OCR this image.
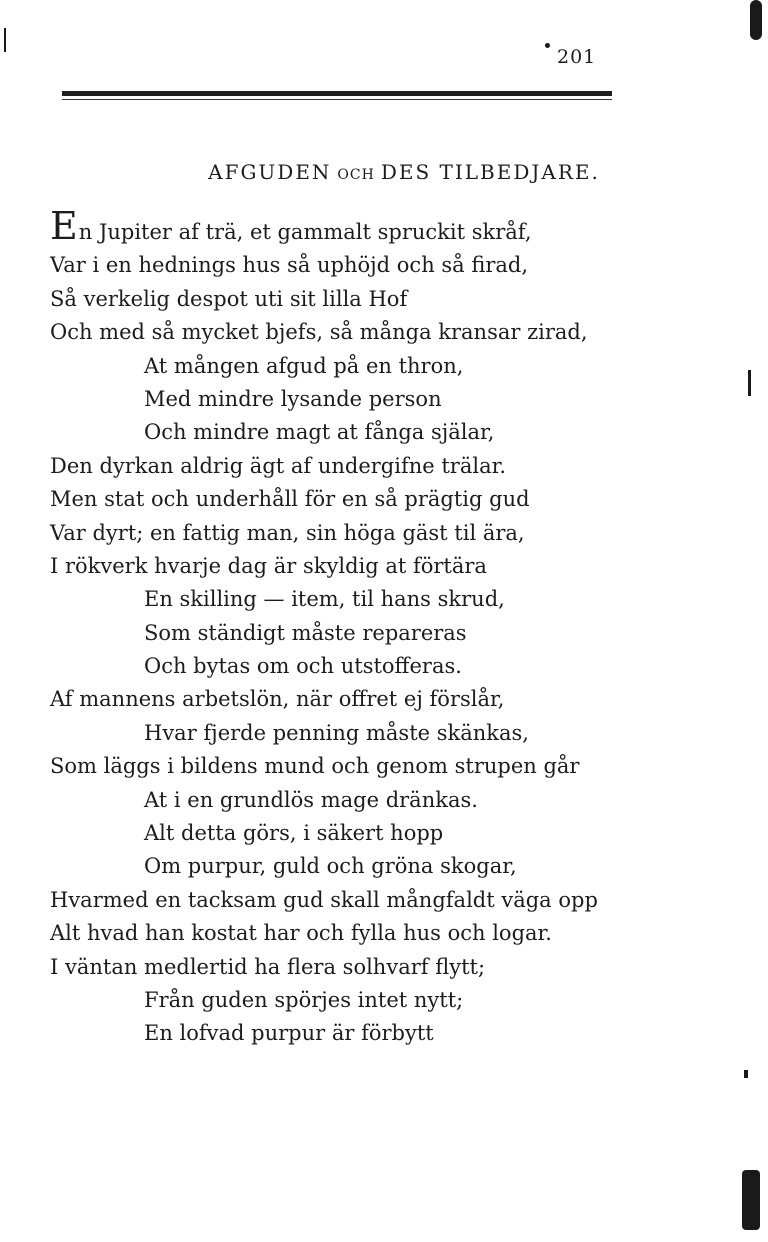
201
AFGUDEN OCH DES TILBEDJARE.
En Jupiter af trä, et gammalt spruckit skråf,
Var i en hednings hus så uphöjd och så firad,
Så verkelig despot uti sit lilla Hof
Och med så mycket bjefs, så många kransar zirad,
At mången afgud på en thron,
Med mindre lysande person
Och mindre magt at fånga själar,
Den dyrkan aldrig ägt af undergifne trälar.
Men stat och underhåll för en så prägtig gud
Var dyrt; en fattig man, sin höga gäst til ära,
I rökverk hvarje dag är skyldig at förtära
En skilling — item, til hans skrud,
Som ständigt måste repareras
Och bytas om och utstofferas.
Af mannens arbetslön, när offret ej förslår,
Hvar fjerde penning måste skänkas,
Som läggs i bildens mund och genom strupen går
At i en grundlös mage dränkas.
Alt detta görs, i säkert hopp
Om purpur, guld och gröna skogar,
Hvarmed en tacksam gud skall mångfaldt väga opp
Alt hvad han kostat har och fylla hus och logar.
I väntan medlertid ha flera solhvarf flytt;
Från guden spörjes intet nytt;
En lofvad purpur är förbytt
